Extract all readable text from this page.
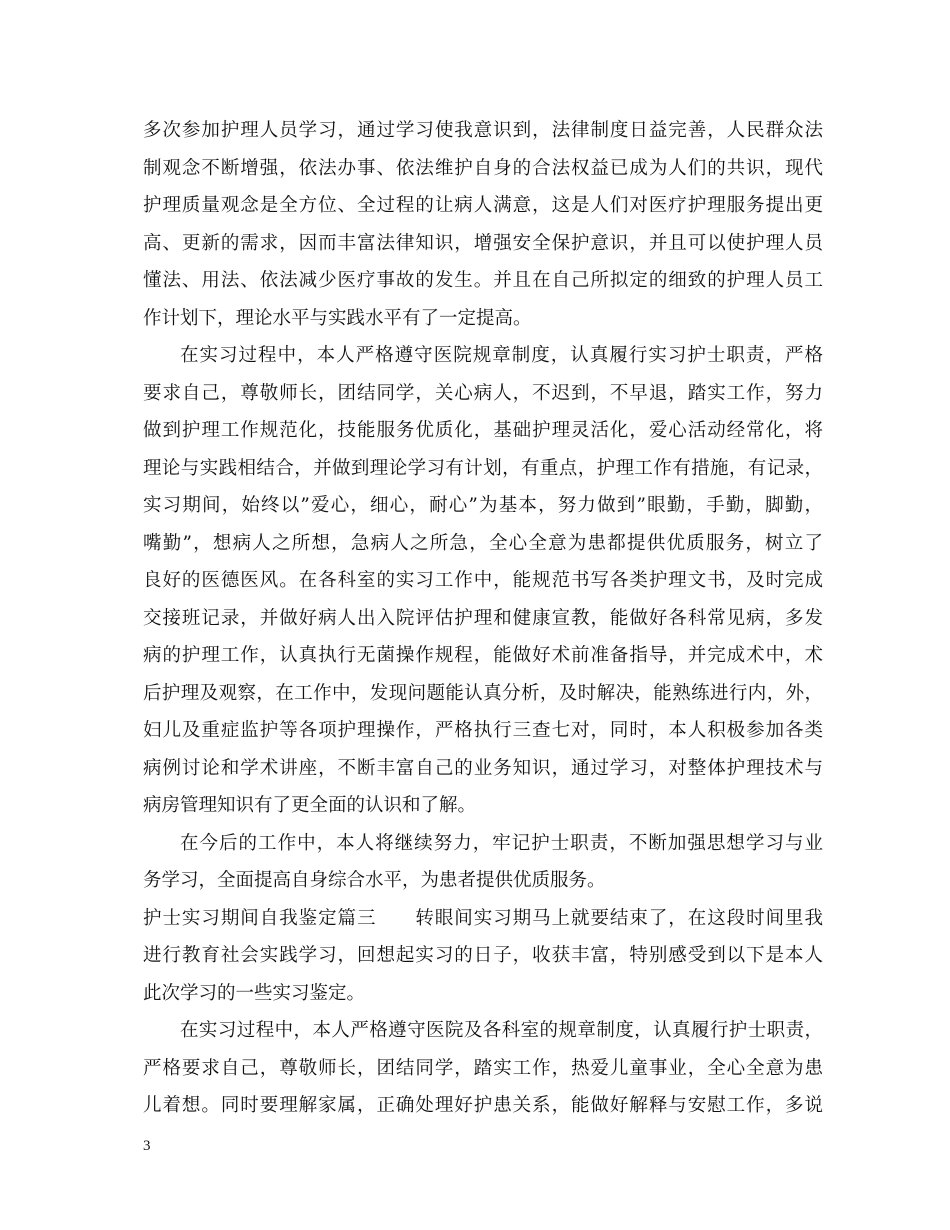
多次参加护理人员学习，通过学习使我意识到，法律制度日益完善，人民群众法
制观念不断增强，依法办事、依法维护自身的合法权益已成为人们的共识，现代
护理质量观念是全方位、全过程的让病人满意，这是人们对医疗护理服务提出更
高、更新的需求，因而丰富法律知识，增强安全保护意识，并且可以使护理人员
懂法、用法、依法减少医疗事故的发生。并且在自己所拟定的细致的护理人员工
作计划下，理论水平与实践水平有了一定提高。
在实习过程中，本人严格遵守医院规章制度，认真履行实习护士职责，严格
要求自己，尊敬师长，团结同学，关心病人，不迟到，不早退，踏实工作，努力
做到护理工作规范化，技能服务优质化，基础护理灵活化，爱心活动经常化，将
理论与实践相结合，并做到理论学习有计划，有重点，护理工作有措施，有记录，
实习期间，始终以”爱心，细心，耐心”为基本，努力做到”眼勤，手勤，脚勤，
嘴勤”，想病人之所想，急病人之所急，全心全意为患都提供优质服务，树立了
良好的医德医风。在各科室的实习工作中，能规范书写各类护理文书，及时完成
交接班记录，并做好病人出入院评估护理和健康宣教，能做好各科常见病，多发
病的护理工作，认真执行无菌操作规程，能做好术前准备指导，并完成术中，术
后护理及观察，在工作中，发现问题能认真分析，及时解决，能熟练进行内，外，
妇儿及重症监护等各项护理操作，严格执行三查七对，同时，本人积极参加各类
病例讨论和学术讲座，不断丰富自己的业务知识，通过学习，对整体护理技术与
病房管理知识有了更全面的认识和了解。
在今后的工作中，本人将继续努力，牢记护士职责，不断加强思想学习与业
务学习，全面提高自身综合水平，为患者提供优质服务。
护士实习期间自我鉴定篇三　　转眼间实习期马上就要结束了，在这段时间里我
进行教育社会实践学习，回想起实习的日子，收获丰富，特别感受到以下是本人
此次学习的一些实习鉴定。
在实习过程中，本人严格遵守医院及各科室的规章制度，认真履行护士职责，
严格要求自己，尊敬师长，团结同学，踏实工作，热爱儿童事业，全心全意为患
儿着想。同时要理解家属，正确处理好护患关系，能做好解释与安慰工作，多说
3
